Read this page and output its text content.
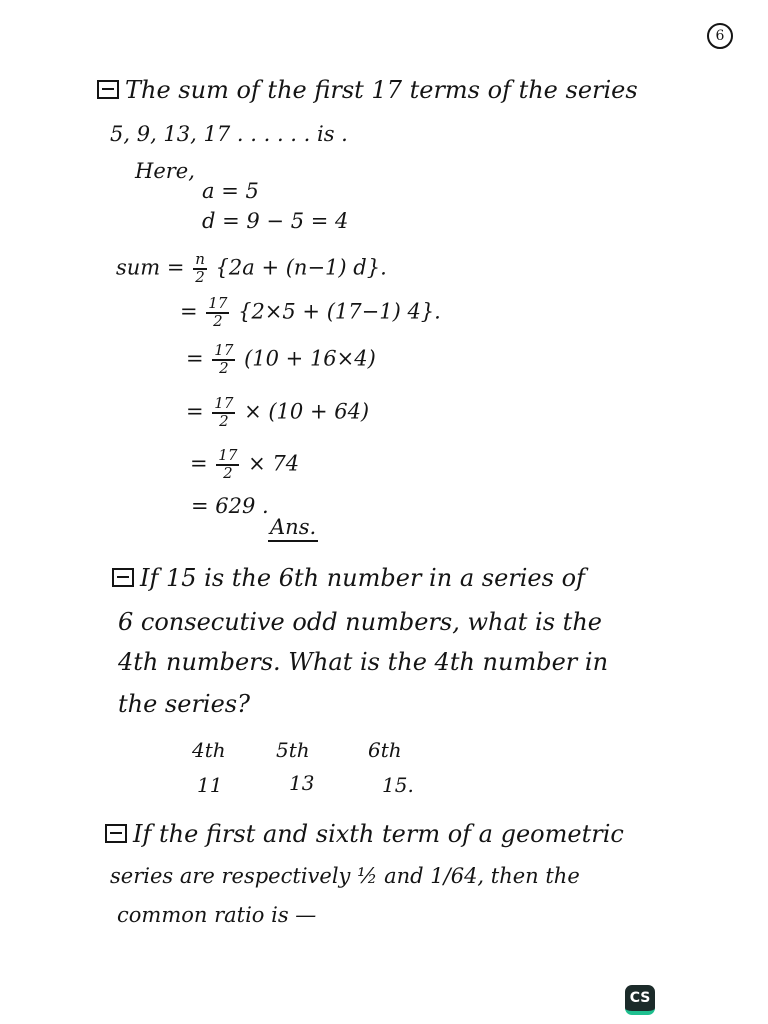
6
The sum of the first 17 terms of the series
5, 9, 13, 17 . . . . . . is .
Here,
a = 5
d = 9 − 5 = 4
sum = $\frac{n}{2} \{2a + (n-1)$ d}.
= $\frac{17}{2} \{2\times 5 + (17-1)$ 4}.
= $\frac{17}{2} (10 + 16\times 4)$
= $\frac{17}{2} \times (10 + 64)$
= $\frac{17}{2} \times 74$
= 629 .
Ans.
If 15 is the 6th number in a series of
6 consecutive odd numbers, what is the
4th numbers. What is the 4th number in
the series?
4th	5th	6th
11	13	15.
If the first and sixth term of a geometric
series are respectively ½ and 1/64, then the
common ratio is —
CS
